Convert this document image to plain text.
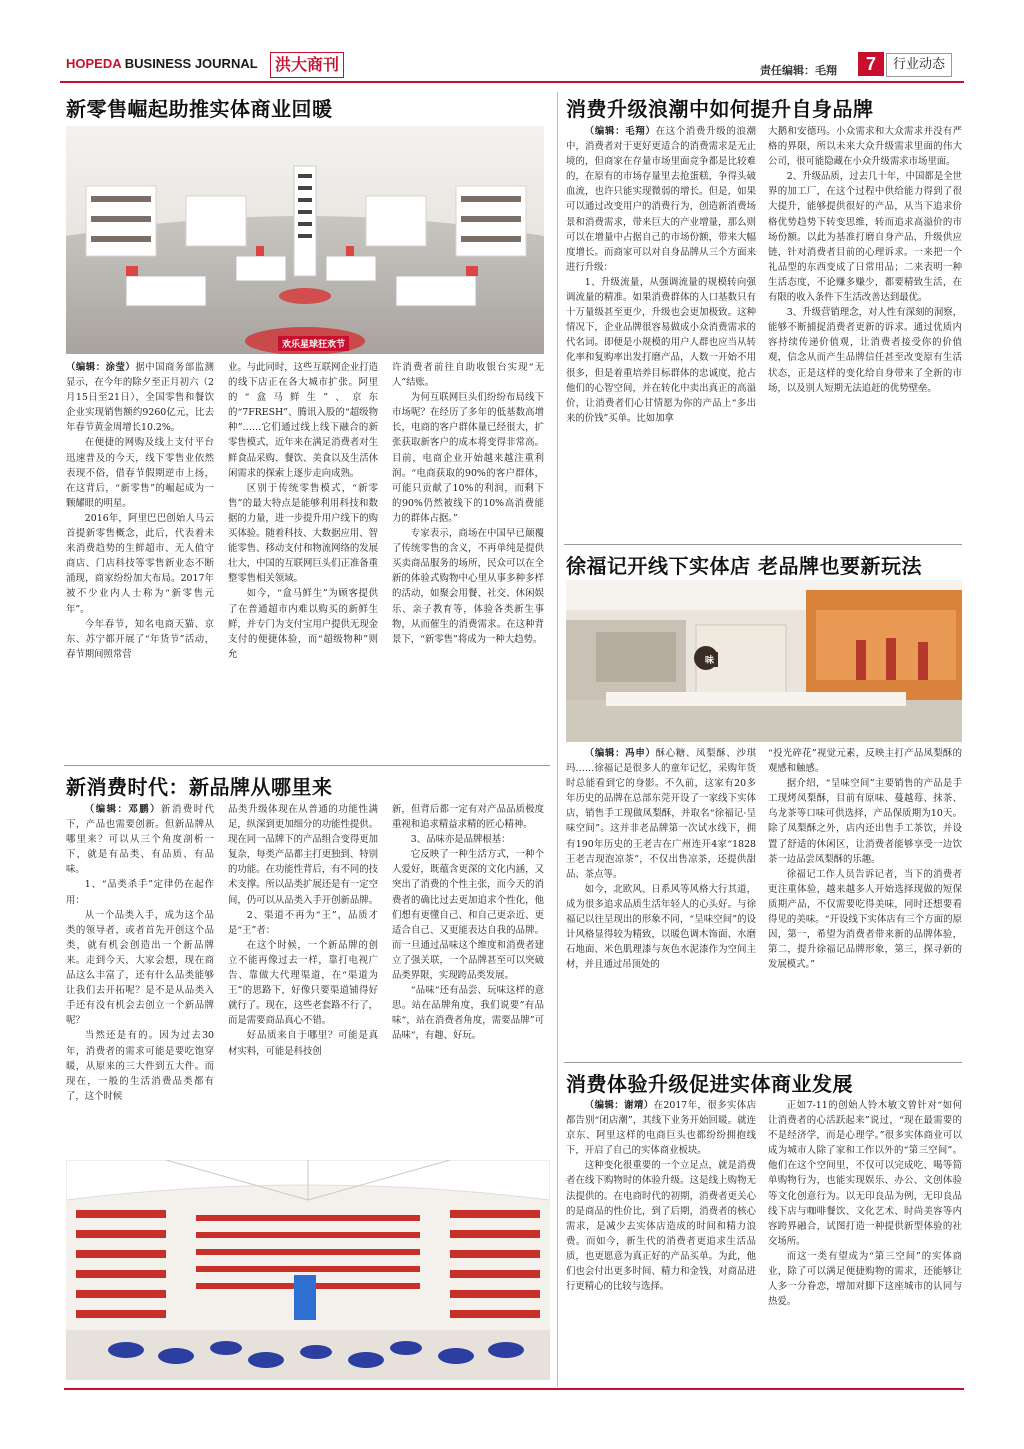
HOPEDA BUSINESS JOURNAL	洪大商刊	责任编辑：毛翔	7	行业动态
新零售崛起助推实体商业回暖
欢乐星球狂欢节

（编辑：涂莹）据中国商务部监测显示，在今年的除夕至正月初六（2月15日至21日），全国零售和餐饮企业实现销售额约9260亿元，比去年春节黄金周增长10.2%。

在便捷的网购及线上支付平台迅速普及的今天，线下零售业依然表现不俗，借春节假期逆市上扬，在这背后，“新零售”的崛起成为一颗耀眼的明星。

2016年，阿里巴巴创始人马云首提新零售概念，此后，代表着未来消费趋势的生鲜超市、无人值守商店、门店科技等零售新业态不断涌现，商家纷纷加大布局。2017年被不少业内人士称为“新零售元年”。

今年春节，知名电商天猫、京东、苏宁都开展了“年货节”活动，春节期间照常营

业。与此同时，这些互联网企业打造的线下店正在各大城市扩张。阿里的“盒马鲜生”、京东的“7FRESH”、腾讯入股的“超级物种”……它们通过线上线下融合的新零售模式，近年来在满足消费者对生鲜食品采购、餐饮、美食以及生活休闲需求的探索上逐步走向成熟。

区别于传统零售模式，“新零售”的最大特点是能够利用科技和数据的力量，进一步提升用户线下的购买体验。随着科技、大数据应用、智能零售、移动支付和物流网络的发展壮大，中国的互联网巨头们正准备重整零售相关领域。

如今，“盒马鲜生”为顾客提供了在普通超市内难以购买的新鲜生鲜，并专门为支付宝用户提供无现金支付的便捷体验，而“超级物种”则允

许消费者前往自助收银台实现“无人”结账。

为何互联网巨头们纷纷布局线下市场呢？在经历了多年的低基数高增长，电商的客户群体量已经很大，扩张获取新客户的成本将变得非常高。目前，电商企业开始越来越注重利润。“电商获取的90%的客户群体，可能只贡献了10%的利润，而剩下的90%仍然被线下的10%高消费能力的群体占据。”

专家表示，商场在中国早已颠覆了传统零售的含义，不再单纯是提供买卖商品服务的场所，民众可以在全新的体验式购物中心里从事多种多样的活动，如聚会用餐、社交、休闲娱乐、亲子教育等，体验各类新生事物，从而催生的消费需求。在这种背景下，“新零售”将成为一种大趋势。

消费升级浪潮中如何提升自身品牌

（编辑：毛翔）在这个消费升级的浪潮中，消费者对于更好更适合的消费需求是无止境的，但商家在存量市场里面竞争都是比较难的，在原有的市场存量里去抢蛋糕，争得头破血流，也许只能实现微弱的增长。但是，如果可以通过改变用户的消费行为，创造新消费场景和消费需求，带来巨大的产业增量，那么则可以在增量中占据自己的市场份额，带来大幅度增长。而商家可以对自身品牌从三个方面来进行升级：

1、升级流量，从强调流量的规模转向强调流量的精准。如果消费群体的人口基数只有十万量级甚至更少，升级也会更加极致。这种情况下，企业品牌很容易做成小众消费需求的代名词。即便是小规模的用户人群也应当从转化率和复购率出发打磨产品，人数一开始不用很多，但是着重培养目标群体的忠诚度，抢占他们的心智空间，并在转化中卖出真正的高溢价，让消费者们心甘情愿为你的产品上“多出来的价钱”买单。比如加拿

大鹅和安德玛。小众需求和大众需求并没有严格的界限，所以未来大众升级需求里面的伟大公司，很可能隐藏在小众升级需求市场里面。

2、升级品质，过去几十年，中国都是全世界的加工厂，在这个过程中供给能力得到了很大提升，能够提供很好的产品，从当下追求价格优势趋势下转变思维，转而追求高溢价的市场份额。以此为基准打磨自身产品，升级供应链，针对消费者目前的心理诉求。一来把一个礼品型的东西变成了日常用品；二来表明一种生活态度，不论赚多赚少，都要精致生活，在有限的收入条件下生活改善达到最优。

3、升级营销理念，对人性有深刻的洞察，能够不断捕捉消费者更新的诉求。通过优质内容持续传递价值观，让消费者接受你的价值观，信念从而产生品牌信任甚至改变原有生活状态，正是这样的变化给自身带来了全新的市场，以及别人短期无法追赶的优势壁垒。

徐福记开线下实体店 老品牌也要新玩法
味

（编辑：冯申）酥心糖、凤梨酥、沙琪玛……徐福记是很多人的童年记忆，采购年货时总能看到它的身影。不久前，这家有20多年历史的品牌在总部东莞开设了一家线下实体店，销售手工现做凤梨酥，并取名“徐福记·呈味空间”。这并非老品牌第一次试水线下，拥有190年历史的王老吉在广州连开4家“1828王老吉现泡凉茶”，不仅出售凉茶，还提供甜品、茶点等。

如今，北欧风、日系风等风格大行其道，成为很多追求品质生活年轻人的心头好。与徐福记以往呈现出的形象不同，“呈味空间”的设计风格显得较为精致，以暖色调木饰面、水磨石地面、米色肌理漆与灰色水泥漆作为空间主材，并且通过吊顶处的

“投光碎花”视觉元素，反映主打产品凤梨酥的观感和触感。

据介绍，“呈味空间”主要销售的产品是手工现烤凤梨酥，目前有原味、蔓越莓、抹茶、乌龙茶等口味可供选择，产品保质期为10天。除了凤梨酥之外，店内还出售手工茶饮，并设置了舒适的休闲区，让消费者能够享受一边饮茶一边品尝凤梨酥的乐趣。

徐福记工作人员告诉记者，当下的消费者更注重体验，越来越多人开始选择现做的短保质期产品，不仅需要吃得美味，同时还想要看得见的美味。“开设线下实体店有三个方面的原因，第一，希望为消费者带来新的品牌体验，第二，提升徐福记品牌形象，第三，探寻新的发展模式。”

新消费时代：新品牌从哪里来

（编辑：邓鹏）新消费时代下，产品也需要创新。但新品牌从哪里来？可以从三个角度剖析一下，就是有品类、有品质、有品味。

1、“品类杀手”定律仍在起作用：

从一个品类入手，成为这个品类的领导者，或者首先开创这个品类，就有机会创造出一个新品牌来。走到今天，大家会想，现在商品这么丰富了，还有什么品类能够让我们去开拓呢？是不是从品类入手还有没有机会去创立一个新品牌呢？

当然还是有的。因为过去30年，消费者的需求可能是要吃饱穿暖，从原来的三大件到五大件。而现在，一般的生活消费品类都有了，这个时候

品类升级体现在从普通的功能性满足，纵深到更加细分的功能性提供。现在同一品牌下的产品组合变得更加复杂，每类产品都主打更独到、特别的功能。在功能性背后，有不同的技术支撑。所以品类扩展还是有一定空间，仍可以从品类入手开创新品牌。

2、渠道不再为“王”，品质才是“王”者：

在这个时候，一个新品牌的创立不能再像过去一样，靠打电视广告、靠做大代理渠道，在“渠道为王”的思路下，好像只要渠道铺得好就行了。现在，这些老套路不行了，而是需要商品真心不错。

好品质来自于哪里？可能是真材实料，可能是科技创

新，但背后都一定有对产品品质极度重视和追求精益求精的匠心精神。

3、品味亦是品牌根基：

它反映了一种生活方式，一种个人爱好，既蕴含更深的文化内涵，又突出了消费的个性主张，而今天的消费者的确比过去更加追求个性化，他们想有更懂自己、和自己更亲近、更适合自己、又更能表达自我的品牌。而一旦通过品味这个维度和消费者建立了强关联，一个品牌甚至可以突破品类界限，实现跨品类发展。

“品味“还有品尝、玩味这样的意思。站在品牌角度，我们说要”有品味“，站在消费者角度，需要品牌”可品味“，有趣、好玩。

消费体验升级促进实体商业发展

（编辑：谢靖）在2017年，很多实体店都告别“闭店潮”，其线下业务开始回暖。就连京东、阿里这样的电商巨头也都纷纷拥抱线下，开启了自己的实体商业板块。

这种变化很重要的一个立足点，就是消费者在线下购物时的体验升级。这是线上购物无法提供的。在电商时代的初期，消费者更关心的是商品的性价比，到了后期，消费者的核心需求，是减少去实体店造成的时间和精力浪费。而如今，新生代的消费者更追求生活品质，也更愿意为真正好的产品买单。为此，他们也会付出更多时间、精力和金钱，对商品进行更精心的比较与选择。

正如7-11的创始人铃木敏文曾针对“如何让消费者的心活跃起来”说过，“现在最需要的不是经济学，而是心理学。”很多实体商业可以成为城市人除了家和工作以外的“第三空间”。他们在这个空间里，不仅可以完成吃、喝等简单购物行为，也能实现娱乐、办公、文创体验等文化创意行为。以无印良品为例，无印良品线下店与咖啡餐饮、文化艺术、时尚美容等内容跨界融合，试图打造一种提供新型体验的社交场所。

而这一类有望成为“第三空间”的实体商业，除了可以满足便捷购物的需求，还能够让人多一分眷恋，增加对脚下这座城市的认同与热爱。
